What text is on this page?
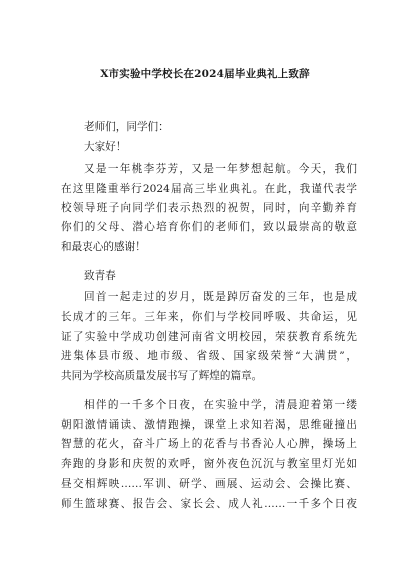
X市实验中学校长在2024届毕业典礼上致辞
老师们，同学们：
大家好！
又是一年桃李芬芳，又是一年梦想起航。今天，我们
在这里隆重举行2024届高三毕业典礼。在此，我谨代表学
校领导班子向同学们表示热烈的祝贺，同时，向辛勤养育
你们的父母、潜心培育你们的老师们，致以最崇高的敬意
和最衷心的感谢！
致青春
回首一起走过的岁月，既是踔厉奋发的三年，也是成
长成才的三年。三年来，你们与学校同呼吸、共命运，见
证了实验中学成功创建河南省文明校园，荣获教育系统先
进集体县市级、地市级、省级、国家级荣誉“大满贯”，
共同为学校高质量发展书写了辉煌的篇章。
相伴的一千多个日夜，在实验中学，清晨迎着第一缕
朝阳激情诵读、激情跑操，课堂上求知若渴，思维碰撞出
智慧的花火，奋斗广场上的花香与书香沁人心脾，操场上
奔跑的身影和庆贺的欢呼，窗外夜色沉沉与教室里灯光如
昼交相辉映……军训、研学、画展、运动会、会操比赛、
师生篮球赛、报告会、家长会、成人礼……一千多个日夜
